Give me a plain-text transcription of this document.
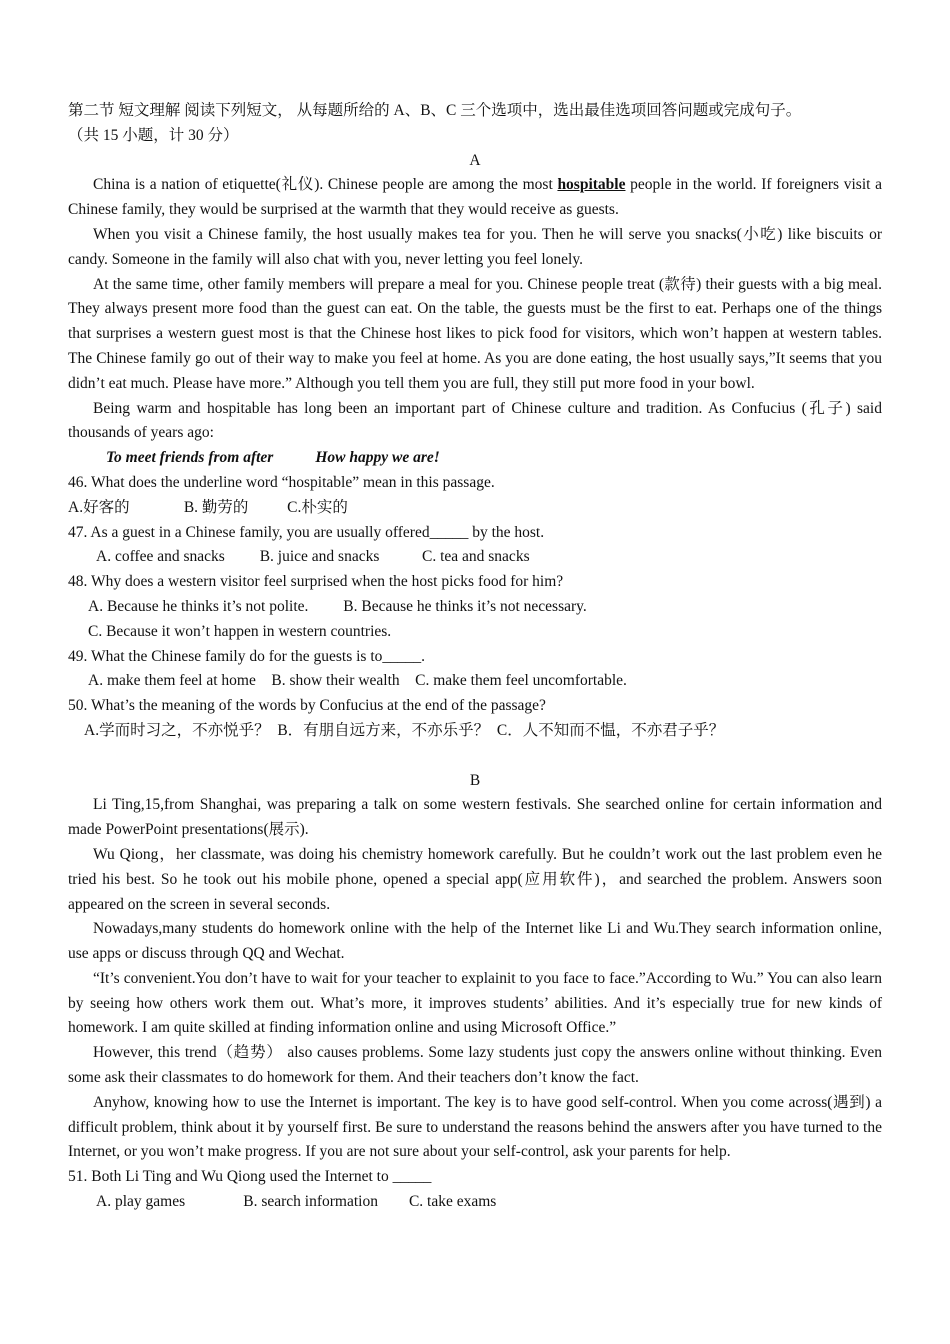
第二节 短文理解 阅读下列短文， 从每题所给的 A、B、C 三个选项中，选出最佳选项回答问题或完成句子。

（共 15 小题，计 30 分）

A

China is a nation of etiquette(礼仪). Chinese people are among the most hospitable people in the world. If foreigners visit a Chinese family, they would be surprised at the warmth that they would receive as guests.

When you visit a Chinese family, the host usually makes tea for you. Then he will serve you snacks(小吃) like biscuits or candy. Someone in the family will also chat with you, never letting you feel lonely.

At the same time, other family members will prepare a meal for you. Chinese people treat (款待) their guests with a big meal. They always present more food than the guest can eat. On the table, the guests must be the first to eat. Perhaps one of the things that surprises a western guest most is that the Chinese host likes to pick food for visitors, which won’t happen at western tables. The Chinese family go out of their way to make you feel at home. As you are done eating, the host usually says,”It seems that you didn’t eat much. Please have more.” Although you tell them you are full, they still put more food in your bowl.

Being warm and hospitable has long been an important part of Chinese culture and tradition. As Confucius (孔子) said thousands of years ago:

To meet friends from after	How happy we are!

46. What does the underline word “hospitable” mean in this passage.

A.好客的              B. 勤劳的          C.朴实的

47. As a guest in a Chinese family, you are usually offered_____ by the host.

A. coffee and snacks         B. juice and snacks           C. tea and snacks

48. Why does a western visitor feel surprised when the host picks food for him?

A. Because he thinks it’s not polite.         B. Because he thinks it’s not necessary.

C. Because it won’t happen in western countries.

49. What the Chinese family do for the guests is to_____.

A. make them feel at home    B. show their wealth    C. make them feel uncomfortable.

50. What’s the meaning of the words by Confucius at the end of the passage?

A.学而时习之，不亦悦乎？  B．有朋自远方来，不亦乐乎？  C．人不知而不愠，不亦君子乎？

B

Li Ting,15,from Shanghai, was preparing a talk on some western festivals. She searched online for certain information and made PowerPoint presentations(展示).

Wu Qiong，her classmate, was doing his chemistry homework carefully. But he couldn’t work out the last problem even he tried his best. So he took out his mobile phone, opened a special app(应用软件)，and searched the problem. Answers soon appeared on the screen in several seconds.

Nowadays,many students do homework online with the help of the Internet like Li and Wu.They search information online, use apps or discuss through QQ and Wechat.

“It’s convenient.You don’t have to wait for your teacher to explainit to you face to face.”According to Wu.” You can also learn by seeing how others work them out. What’s more, it improves students’ abilities. And it’s especially true for new kinds of homework. I am quite skilled at finding information online and using Microsoft Office.”

However, this trend（趋势） also causes problems. Some lazy students just copy the answers online without thinking. Even some ask their classmates to do homework for them. And their teachers don’t know the fact.

Anyhow, knowing how to use the Internet is important. The key is to have good self-control. When you come across(遇到) a difficult problem, think about it by yourself first. Be sure to understand the reasons behind the answers after you have turned to the Internet, or you won’t make progress. If you are not sure about your self-control, ask your parents for help.

51. Both Li Ting and Wu Qiong used the Internet to _____

A. play games               B. search information        C. take exams
